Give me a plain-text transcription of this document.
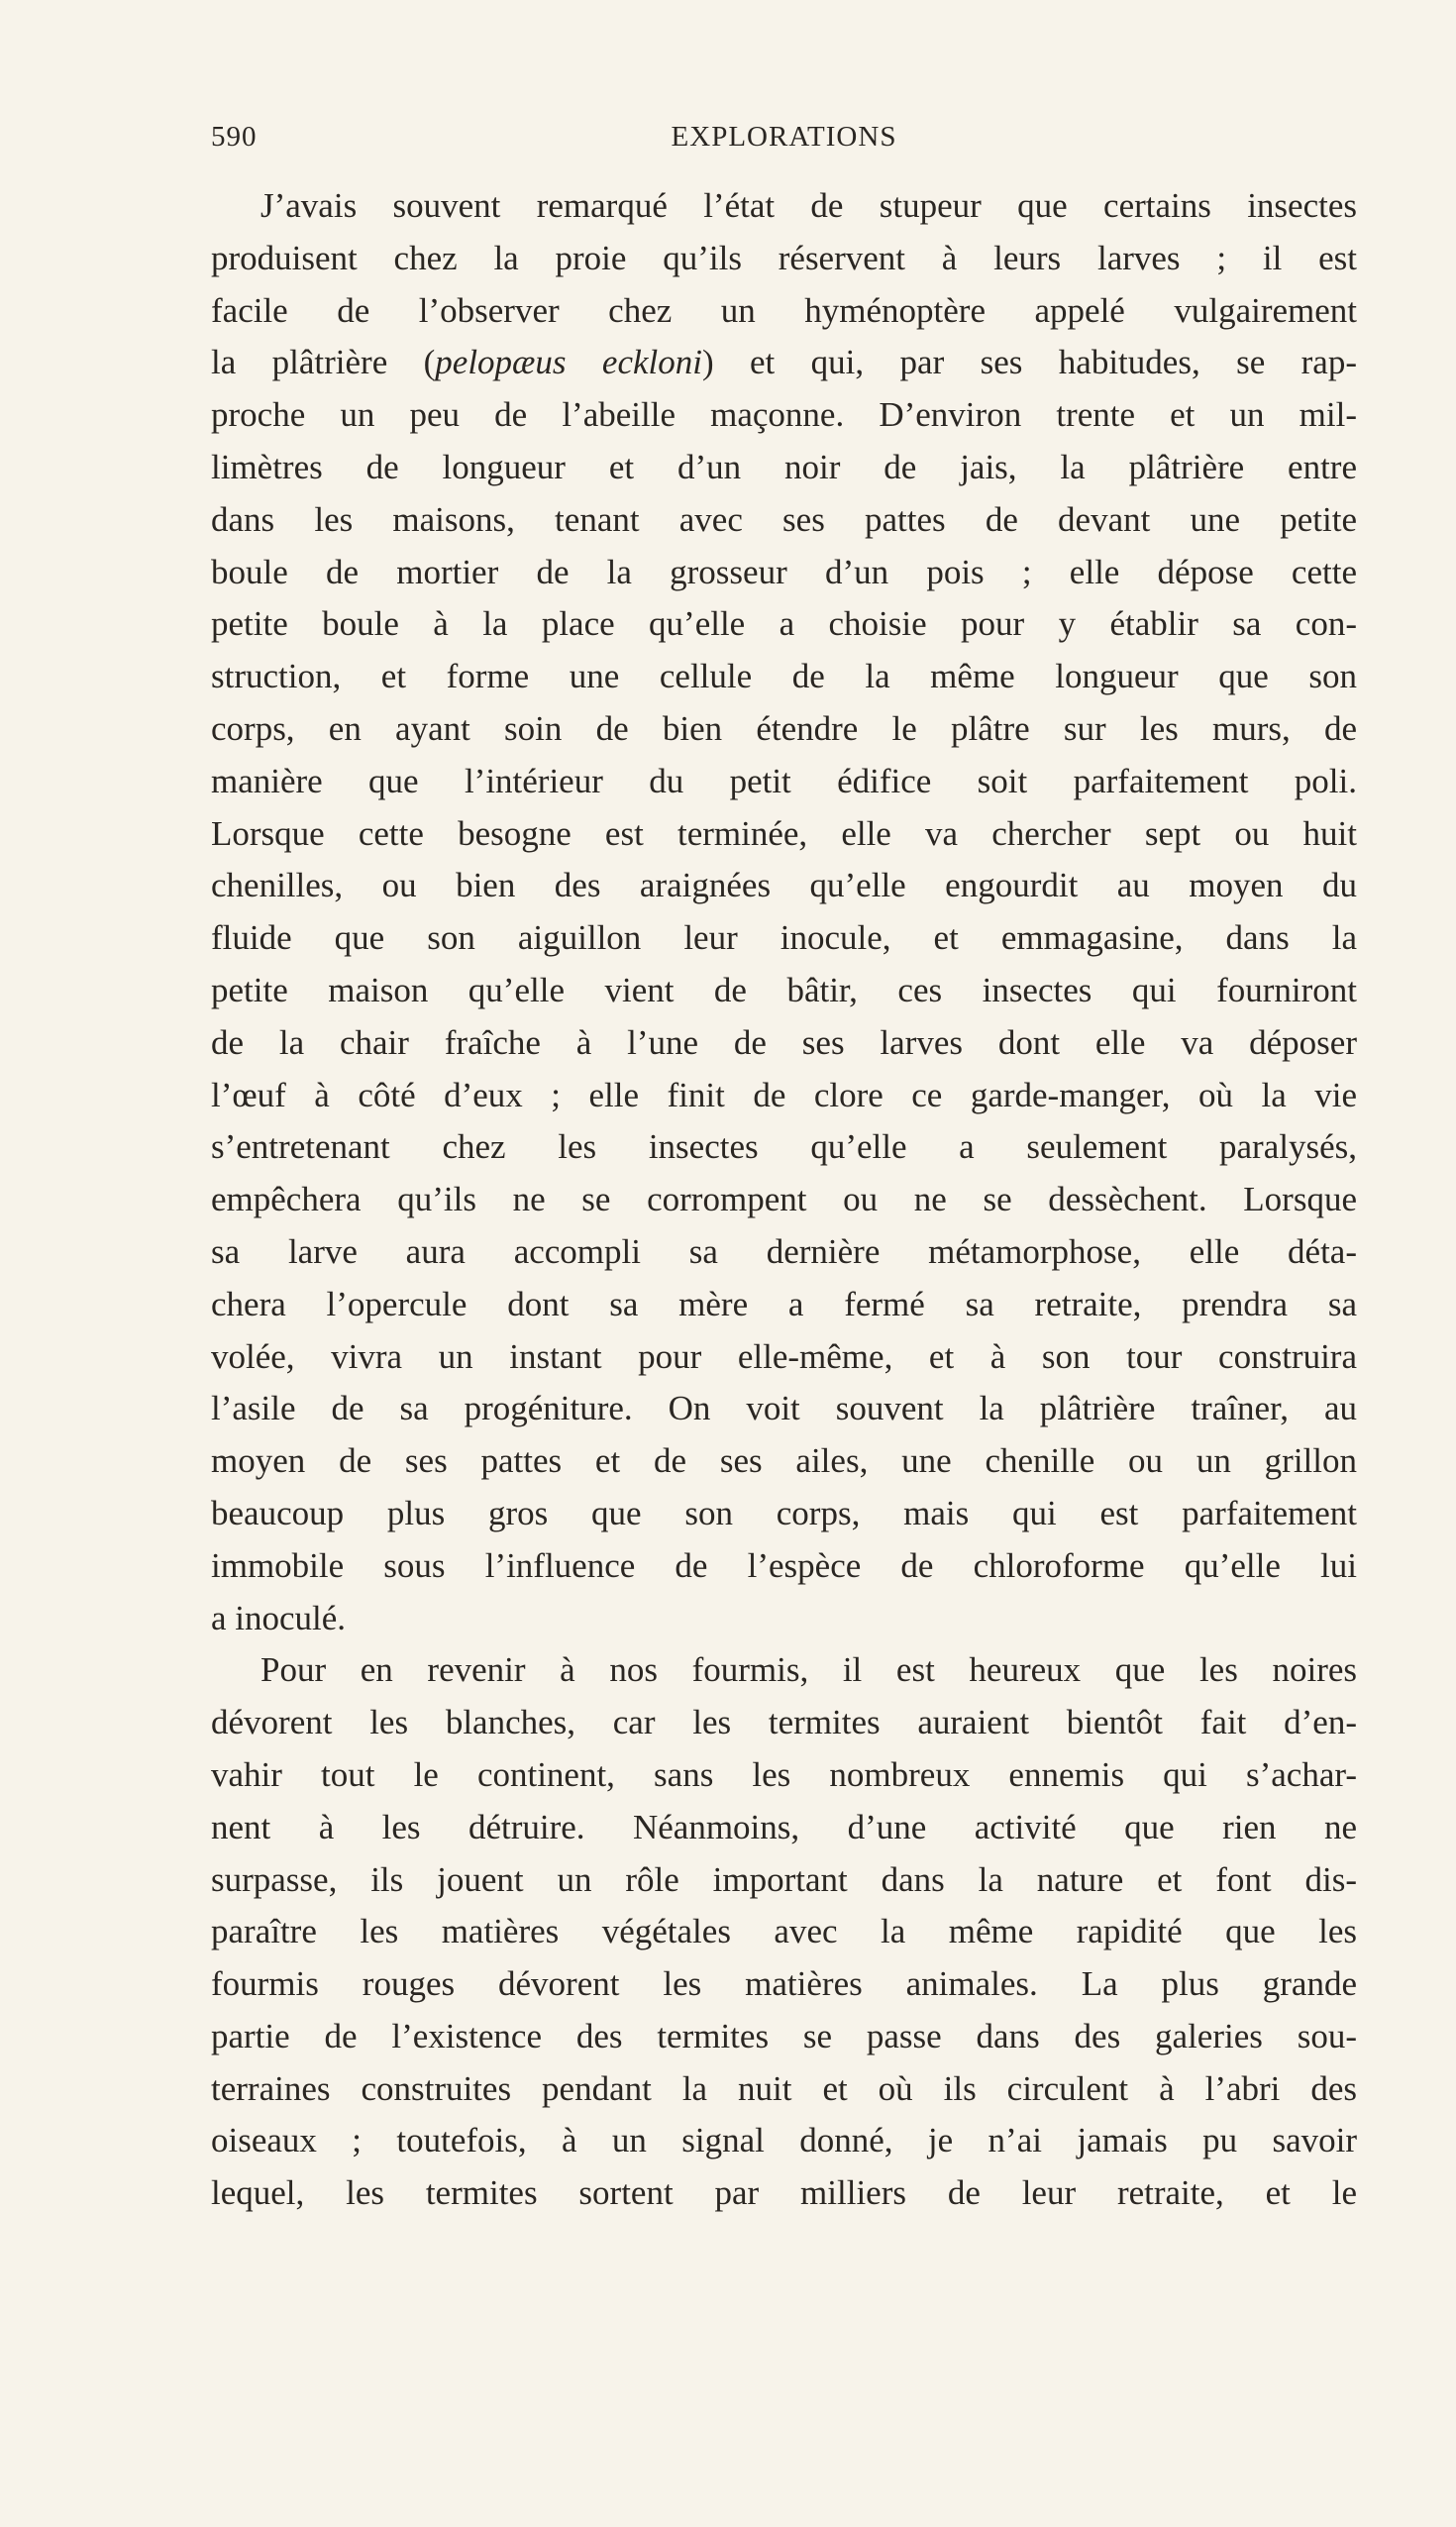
590	EXPLORATIONS
J’avais souvent remarqué l’état de stupeur que certains insectes
produisent chez la proie qu’ils réservent à leurs larves ; il est
facile de l’observer chez un hyménoptère appelé vulgairement
la plâtrière (pelopæus eckloni) et qui, par ses habitudes, se rap-
proche un peu de l’abeille maçonne. D’environ trente et un mil-
limètres de longueur et d’un noir de jais, la plâtrière entre
dans les maisons, tenant avec ses pattes de devant une petite
boule de mortier de la grosseur d’un pois ; elle dépose cette
petite boule à la place qu’elle a choisie pour y établir sa con-
struction, et forme une cellule de la même longueur que son
corps, en ayant soin de bien étendre le plâtre sur les murs, de
manière que l’intérieur du petit édifice soit parfaitement poli.
Lorsque cette besogne est terminée, elle va chercher sept ou huit
chenilles, ou bien des araignées qu’elle engourdit au moyen du
fluide que son aiguillon leur inocule, et emmagasine, dans la
petite maison qu’elle vient de bâtir, ces insectes qui fourniront
de la chair fraîche à l’une de ses larves dont elle va déposer
l’œuf à côté d’eux ; elle finit de clore ce garde-manger, où la vie
s’entretenant chez les insectes qu’elle a seulement paralysés,
empêchera qu’ils ne se corrompent ou ne se dessèchent. Lorsque
sa larve aura accompli sa dernière métamorphose, elle déta-
chera l’opercule dont sa mère a fermé sa retraite, prendra sa
volée, vivra un instant pour elle-même, et à son tour construira
l’asile de sa progéniture. On voit souvent la plâtrière traîner, au
moyen de ses pattes et de ses ailes, une chenille ou un grillon
beaucoup plus gros que son corps, mais qui est parfaitement
immobile sous l’influence de l’espèce de chloroforme qu’elle lui
a inoculé.
Pour en revenir à nos fourmis, il est heureux que les noires
dévorent les blanches, car les termites auraient bientôt fait d’en-
vahir tout le continent, sans les nombreux ennemis qui s’achar-
nent à les détruire. Néanmoins, d’une activité que rien ne
surpasse, ils jouent un rôle important dans la nature et font dis-
paraître les matières végétales avec la même rapidité que les
fourmis rouges dévorent les matières animales. La plus grande
partie de l’existence des termites se passe dans des galeries sou-
terraines construites pendant la nuit et où ils circulent à l’abri des
oiseaux ; toutefois, à un signal donné, je n’ai jamais pu savoir
lequel, les termites sortent par milliers de leur retraite, et le
